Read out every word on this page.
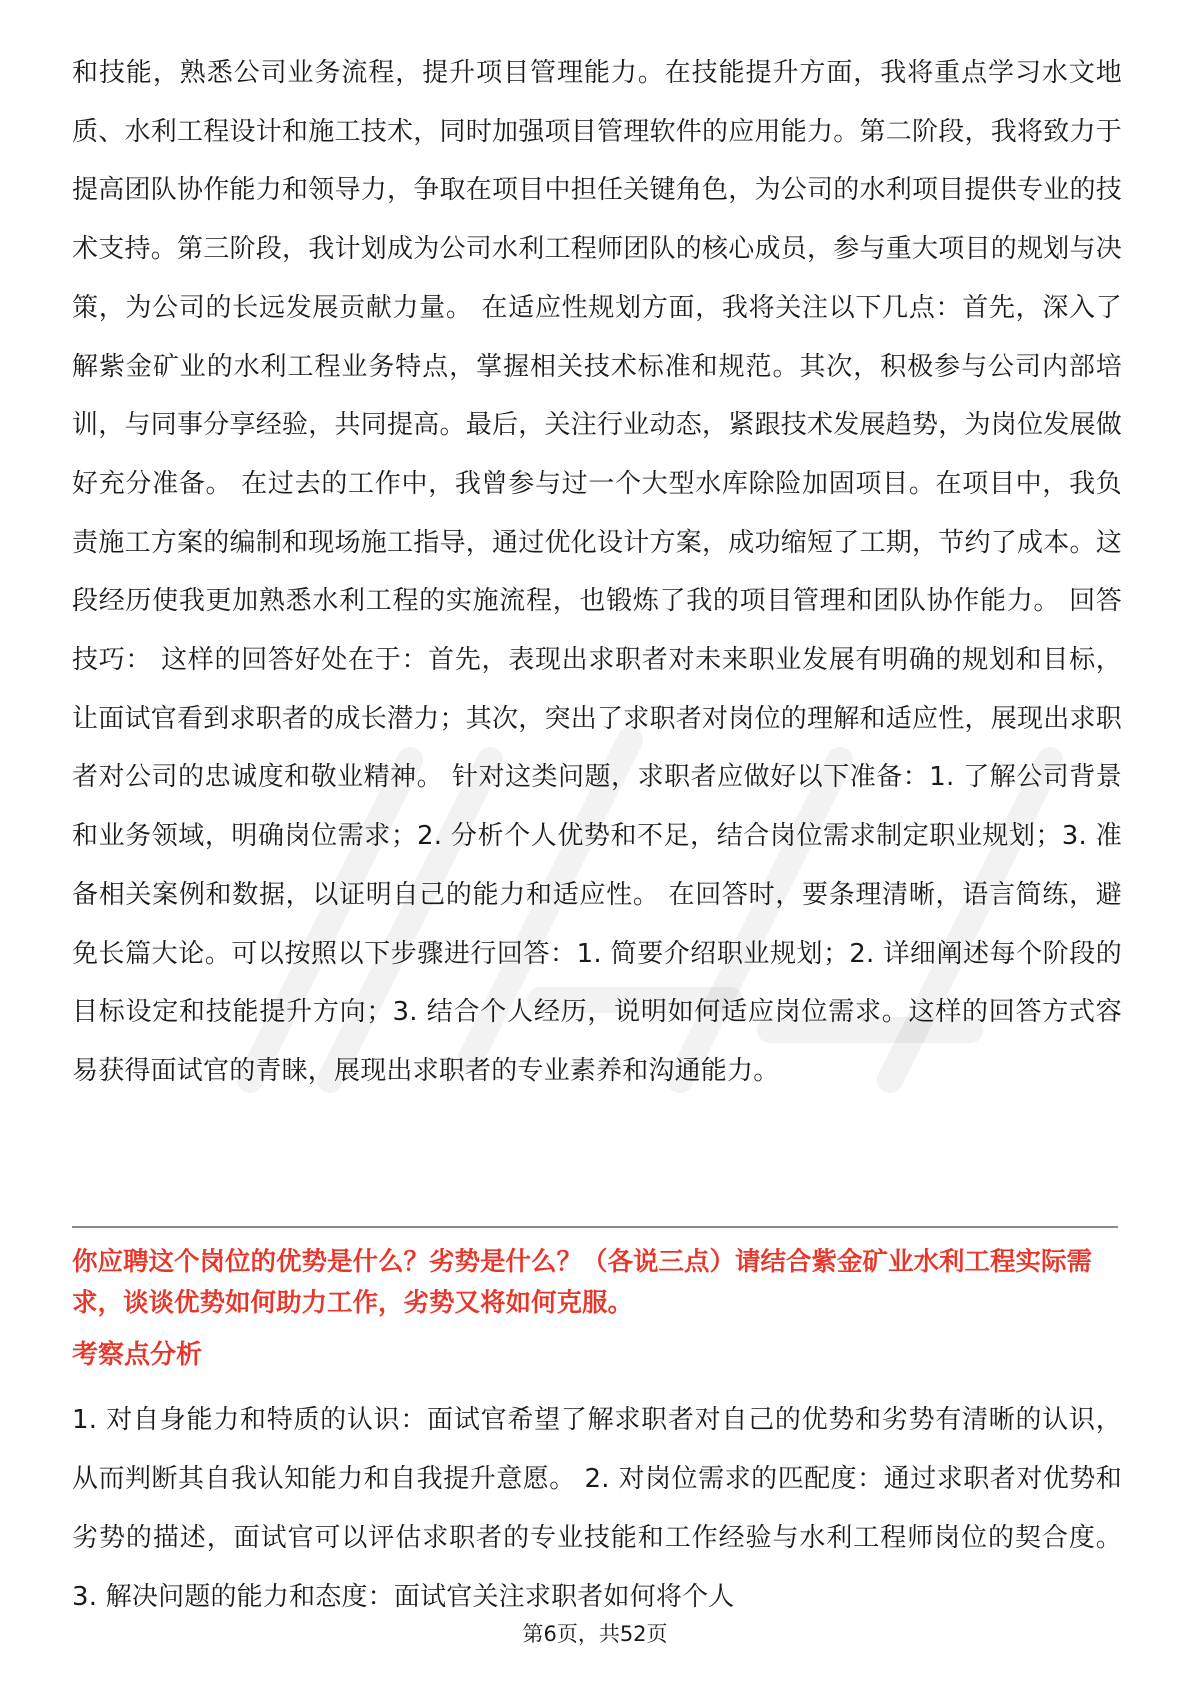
和技能，熟悉公司业务流程，提升项目管理能力。在技能提升方面，我将重点学习水文地质、水利工程设计和施工技术，同时加强项目管理软件的应用能力。第二阶段，我将致力于提高团队协作能力和领导力，争取在项目中担任关键角色，为公司的水利项目提供专业的技术支持。第三阶段，我计划成为公司水利工程师团队的核心成员，参与重大项目的规划与决策，为公司的长远发展贡献力量。 在适应性规划方面，我将关注以下几点：首先，深入了解紫金矿业的水利工程业务特点，掌握相关技术标准和规范。其次，积极参与公司内部培训，与同事分享经验，共同提高。最后，关注行业动态，紧跟技术发展趋势，为岗位发展做好充分准备。 在过去的工作中，我曾参与过一个大型水库除险加固项目。在项目中，我负责施工方案的编制和现场施工指导，通过优化设计方案，成功缩短了工期，节约了成本。这段经历使我更加熟悉水利工程的实施流程，也锻炼了我的项目管理和团队协作能力。 回答技巧： 这样的回答好处在于：首先，表现出求职者对未来职业发展有明确的规划和目标，让面试官看到求职者的成长潜力；其次，突出了求职者对岗位的理解和适应性，展现出求职者对公司的忠诚度和敬业精神。 针对这类问题，求职者应做好以下准备：1. 了解公司背景和业务领域，明确岗位需求；2. 分析个人优势和不足，结合岗位需求制定职业规划；3. 准备相关案例和数据，以证明自己的能力和适应性。 在回答时，要条理清晰，语言简练，避免长篇大论。可以按照以下步骤进行回答：1. 简要介绍职业规划；2. 详细阐述每个阶段的目标设定和技能提升方向；3. 结合个人经历，说明如何适应岗位需求。这样的回答方式容易获得面试官的青睐，展现出求职者的专业素养和沟通能力。
你应聘这个岗位的优势是什么？劣势是什么？（各说三点）请结合紫金矿业水利工程实际需求，谈谈优势如何助力工作，劣势又将如何克服。
考察点分析
1. 对自身能力和特质的认识：面试官希望了解求职者对自己的优势和劣势有清晰的认识，从而判断其自我认知能力和自我提升意愿。 2. 对岗位需求的匹配度：通过求职者对优势和劣势的描述，面试官可以评估求职者的专业技能和工作经验与水利工程师岗位的契合度。 3. 解决问题的能力和态度：面试官关注求职者如何将个人
第6页，共52页
